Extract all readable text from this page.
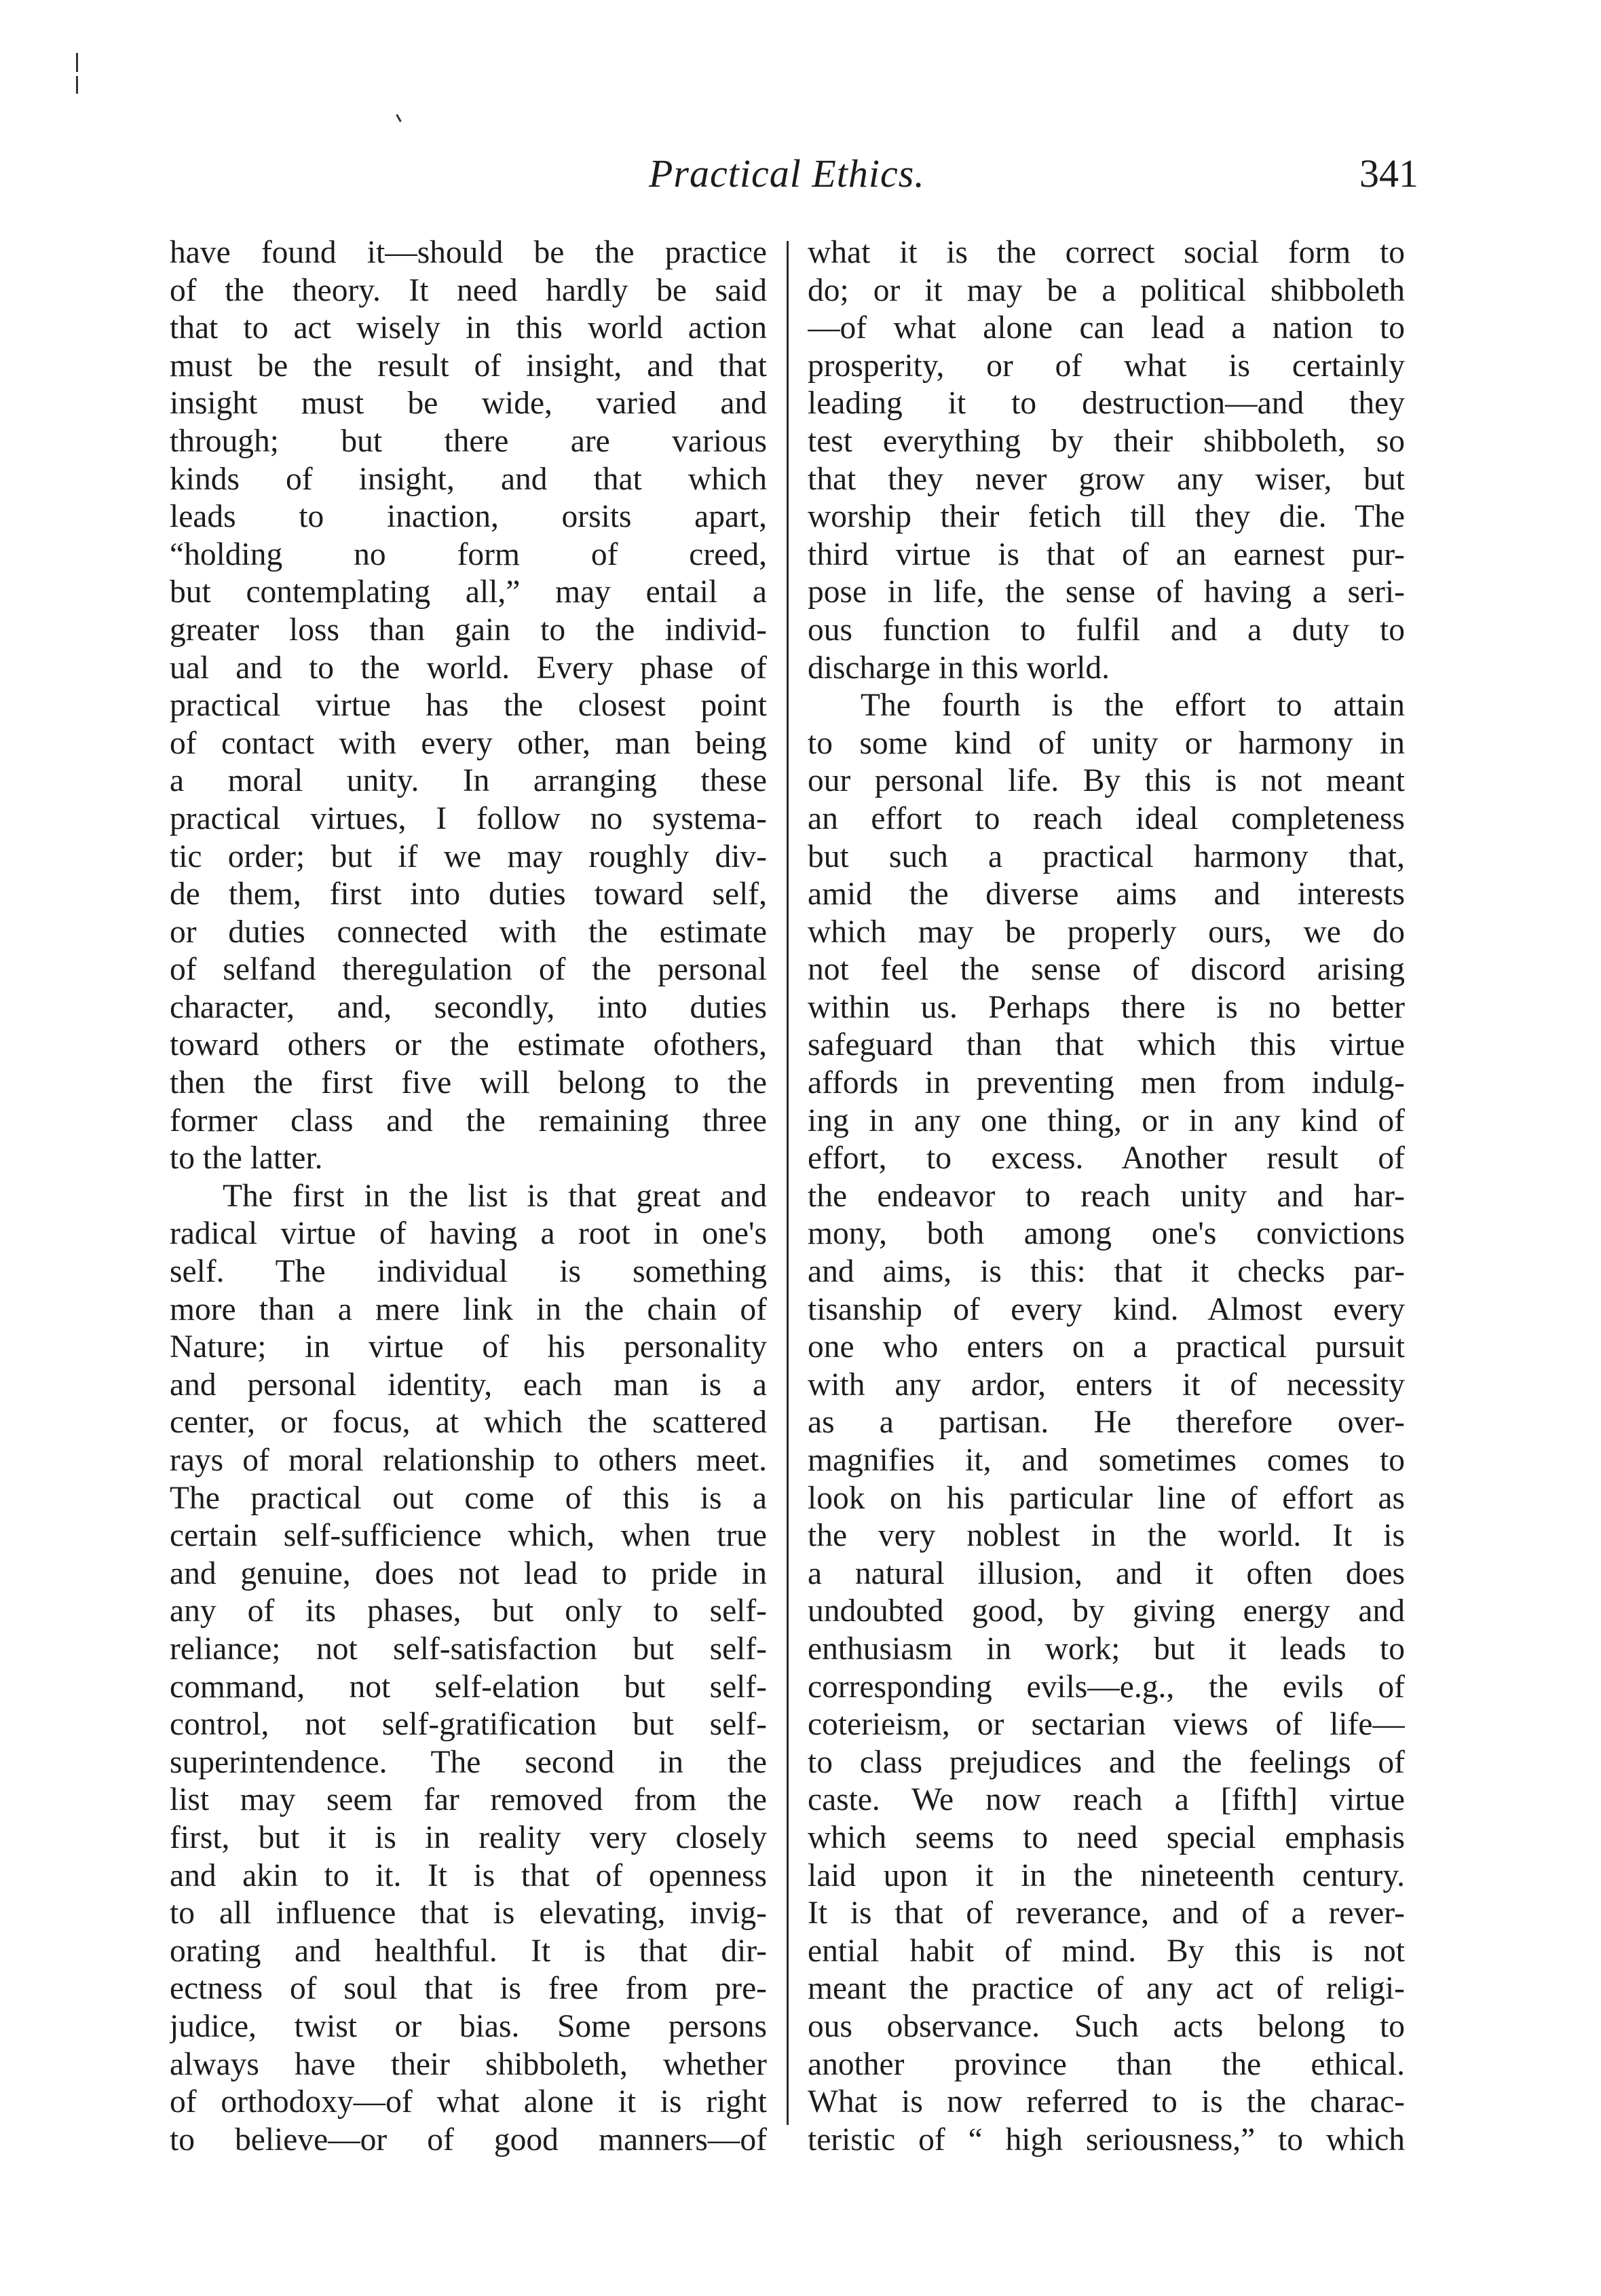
Practical Ethics.	341
have found it—should be the practice
of the theory. It need hardly be said
that to act wisely in this world action
must be the result of insight, and that
insight must be wide, varied and
through; but there are various
kinds of insight, and that which
leads to inaction, orsits apart,
“holding no form of creed,
but contemplating all,” may entail a
greater loss than gain to the individ-
ual and to the world. Every phase of
practical virtue has the closest point
of contact with every other, man being
a moral unity. In arranging these
practical virtues, I follow no systema-
tic order; but if we may roughly div-
de them, first into duties toward self,
or duties connected with the estimate
of selfand theregulation of the personal
character, and, secondly, into duties
toward others or the estimate ofothers,
then the first five will belong to the
former class and the remaining three
to the latter.
The first in the list is that great and
radical virtue of having a root in one's
self. The individual is something
more than a mere link in the chain of
Nature; in virtue of his personality
and personal identity, each man is a
center, or focus, at which the scattered
rays of moral relationship to others meet.
The practical out come of this is a
certain self-sufficience which, when true
and genuine, does not lead to pride in
any of its phases, but only to self-
reliance; not self-satisfaction but self-
command, not self-elation but self-
control, not self-gratification but self-
superintendence. The second in the
list may seem far removed from the
first, but it is in reality very closely
and akin to it. It is that of openness
to all influence that is elevating, invig-
orating and healthful. It is that dir-
ectness of soul that is free from pre-
judice, twist or bias. Some persons
always have their shibboleth, whether
of orthodoxy—of what alone it is right
to believe—or of good manners—of
what it is the correct social form to
do; or it may be a political shibboleth
—of what alone can lead a nation to
prosperity, or of what is certainly
leading it to destruction—and they
test everything by their shibboleth, so
that they never grow any wiser, but
worship their fetich till they die. The
third virtue is that of an earnest pur-
pose in life, the sense of having a seri-
ous function to fulfil and a duty to
discharge in this world.
The fourth is the effort to attain
to some kind of unity or harmony in
our personal life. By this is not meant
an effort to reach ideal completeness
but such a practical harmony that,
amid the diverse aims and interests
which may be properly ours, we do
not feel the sense of discord arising
within us. Perhaps there is no better
safeguard than that which this virtue
affords in preventing men from indulg-
ing in any one thing, or in any kind of
effort, to excess. Another result of
the endeavor to reach unity and har-
mony, both among one's convictions
and aims, is this: that it checks par-
tisanship of every kind. Almost every
one who enters on a practical pursuit
with any ardor, enters it of necessity
as a partisan. He therefore over-
magnifies it, and sometimes comes to
look on his particular line of effort as
the very noblest in the world. It is
a natural illusion, and it often does
undoubted good, by giving energy and
enthusiasm in work; but it leads to
corresponding evils—e.g., the evils of
coterieism, or sectarian views of life—
to class prejudices and the feelings of
caste. We now reach a [fifth] virtue
which seems to need special emphasis
laid upon it in the nineteenth century.
It is that of reverance, and of a rever-
ential habit of mind. By this is not
meant the practice of any act of religi-
ous observance. Such acts belong to
another province than the ethical.
What is now referred to is the charac-
teristic of “ high seriousness,” to which
